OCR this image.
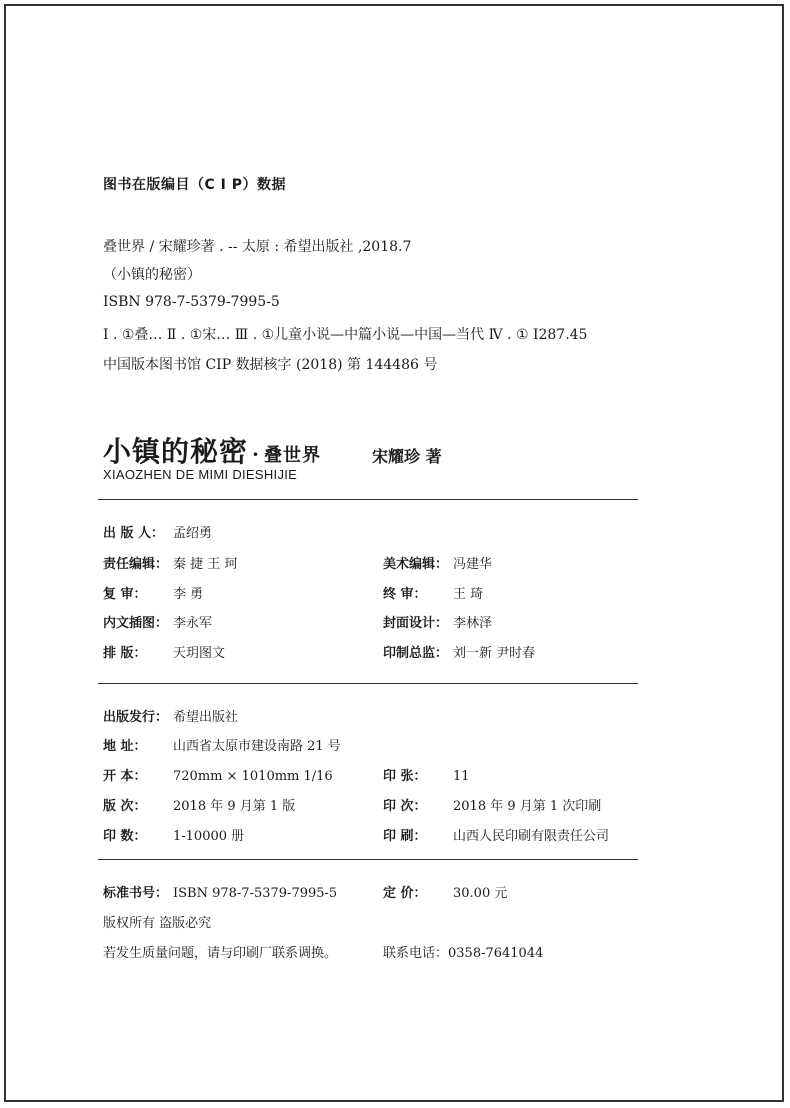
图书在版编目（C I P）数据
叠世界 / 宋耀珍著 . -- 太原 : 希望出版社 ,2018.7
（小镇的秘密）
ISBN 978-7-5379-7995-5
Ⅰ . ①叠… Ⅱ . ①宋… Ⅲ . ①儿童小说—中篇小说—中国—当代 Ⅳ . ① I287.45
中国版本图书馆 CIP 数据核字 (2018) 第 144486 号
小镇的秘密 · 叠世界
XIAOZHEN DE MIMI DIESHIJIE
宋耀珍 著
出 版 人： 孟绍勇
责任编辑： 秦 捷 王 珂	美术编辑： 冯建华
复 审： 李 勇	终 审： 王 琦
内文插图： 李永军	封面设计： 李林泽
排 版： 天玥图文	印制总监： 刘一新 尹时春
出版发行： 希望出版社
地 址： 山西省太原市建设南路 21 号
开 本： 720mm × 1010mm 1/16	印 张： 11
版 次： 2018 年 9 月第 1 版	印 次： 2018 年 9 月第 1 次印刷
印 数： 1-10000 册	印 刷： 山西人民印刷有限责任公司
标准书号： ISBN 978-7-5379-7995-5	定 价： 30.00 元
版权所有 盗版必究
若发生质量问题，请与印刷厂联系调换。	联系电话：0358-7641044
